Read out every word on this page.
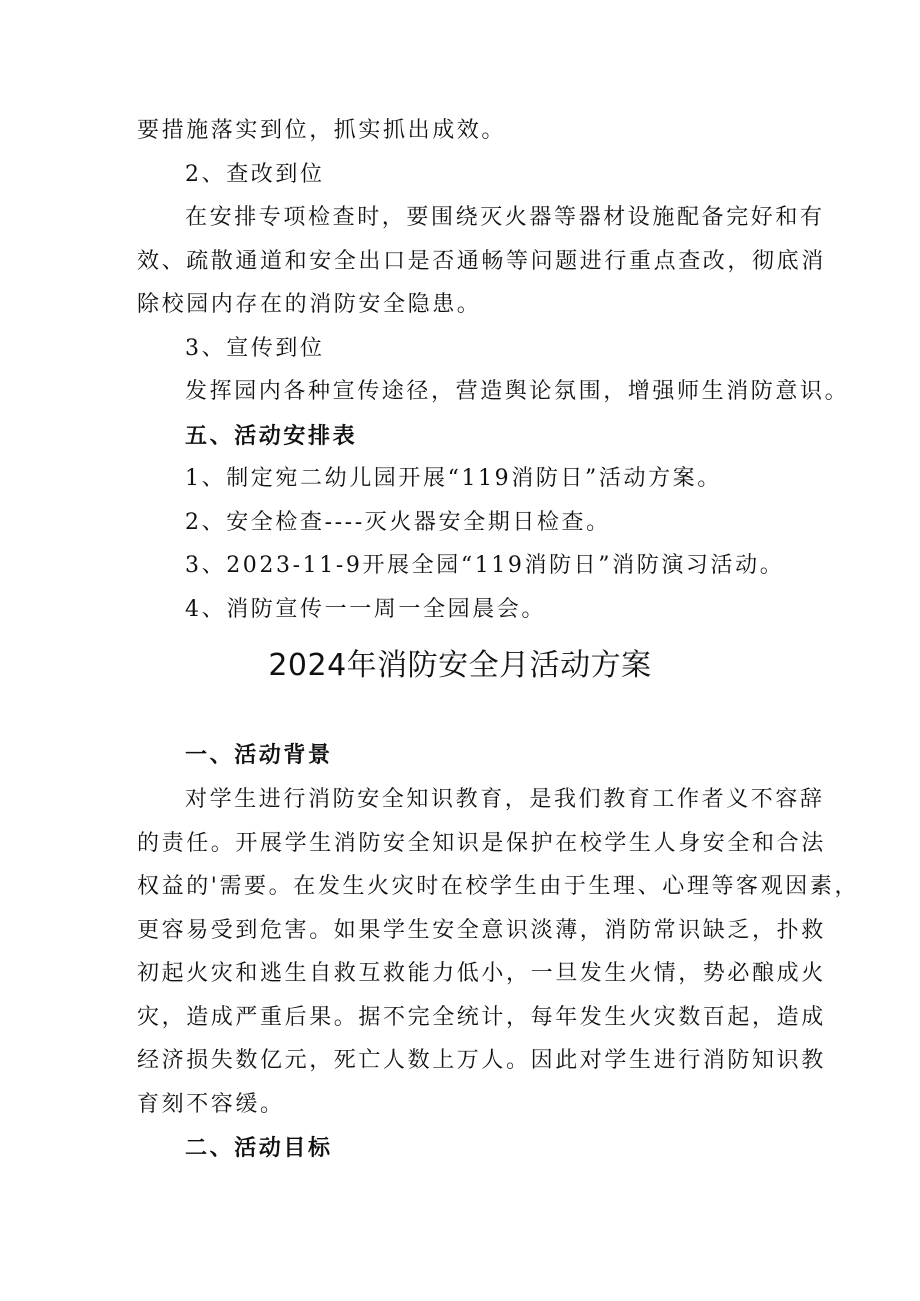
要措施落实到位，抓实抓出成效。
2、查改到位
在安排专项检查时，要围绕灭火器等器材设施配备完好和有
效、疏散通道和安全出口是否通畅等问题进行重点查改，彻底消
除校园内存在的消防安全隐患。
3、宣传到位
发挥园内各种宣传途径，营造舆论氛围，增强师生消防意识。
五、活动安排表
1、制定宛二幼儿园开展“119消防日”活动方案。
2、安全检查----灭火器安全期日检查。
3、2023-11-9开展全园“119消防日”消防演习活动。
4、消防宣传一一周一全园晨会。
2024年消防安全月活动方案
一、活动背景
对学生进行消防安全知识教育，是我们教育工作者义不容辞
的责任。开展学生消防安全知识是保护在校学生人身安全和合法
权益的'需要。在发生火灾时在校学生由于生理、心理等客观因素，
更容易受到危害。如果学生安全意识淡薄，消防常识缺乏，扑救
初起火灾和逃生自救互救能力低小，一旦发生火情，势必酿成火
灾，造成严重后果。据不完全统计，每年发生火灾数百起，造成
经济损失数亿元，死亡人数上万人。因此对学生进行消防知识教
育刻不容缓。
二、活动目标
